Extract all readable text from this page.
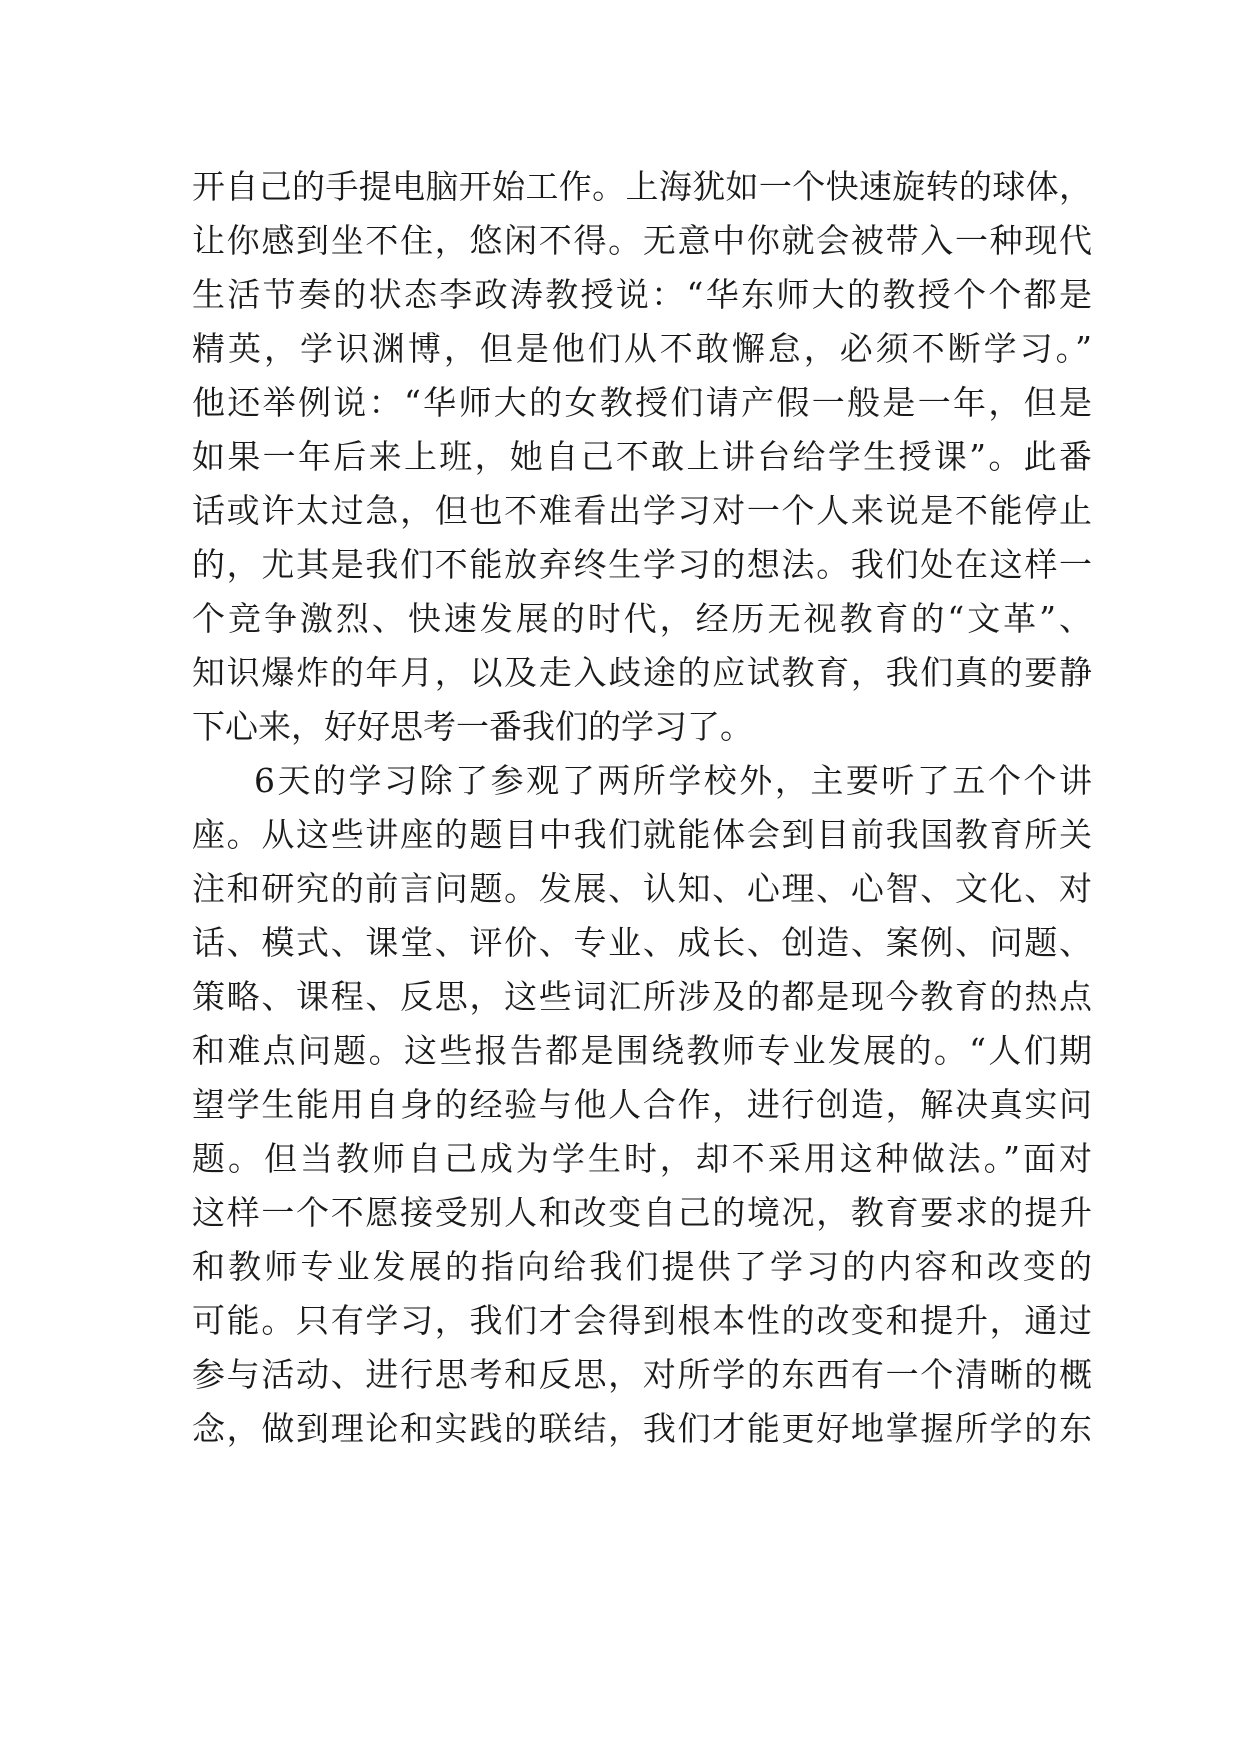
开自己的手提电脑开始工作。上海犹如一个快速旋转的球体，
让你感到坐不住，悠闲不得。无意中你就会被带入一种现代
生活节奏的状态李政涛教授说：“华东师大的教授个个都是
精英，学识渊博，但是他们从不敢懈怠，必须不断学习。”
他还举例说：“华师大的女教授们请产假一般是一年，但是
如果一年后来上班，她自己不敢上讲台给学生授课”。此番
话或许太过急，但也不难看出学习对一个人来说是不能停止
的，尤其是我们不能放弃终生学习的想法。我们处在这样一
个竞争激烈、快速发展的时代，经历无视教育的“文革”、
知识爆炸的年月，以及走入歧途的应试教育，我们真的要静
下心来，好好思考一番我们的学习了。
6天的学习除了参观了两所学校外，主要听了五个个讲
座。从这些讲座的题目中我们就能体会到目前我国教育所关
注和研究的前言问题。发展、认知、心理、心智、文化、对
话、模式、课堂、评价、专业、成长、创造、案例、问题、
策略、课程、反思，这些词汇所涉及的都是现今教育的热点
和难点问题。这些报告都是围绕教师专业发展的。“人们期
望学生能用自身的经验与他人合作，进行创造，解决真实问
题。但当教师自己成为学生时，却不采用这种做法。”面对
这样一个不愿接受别人和改变自己的境况，教育要求的提升
和教师专业发展的指向给我们提供了学习的内容和改变的
可能。只有学习，我们才会得到根本性的改变和提升，通过
参与活动、进行思考和反思，对所学的东西有一个清晰的概
念，做到理论和实践的联结，我们才能更好地掌握所学的东
